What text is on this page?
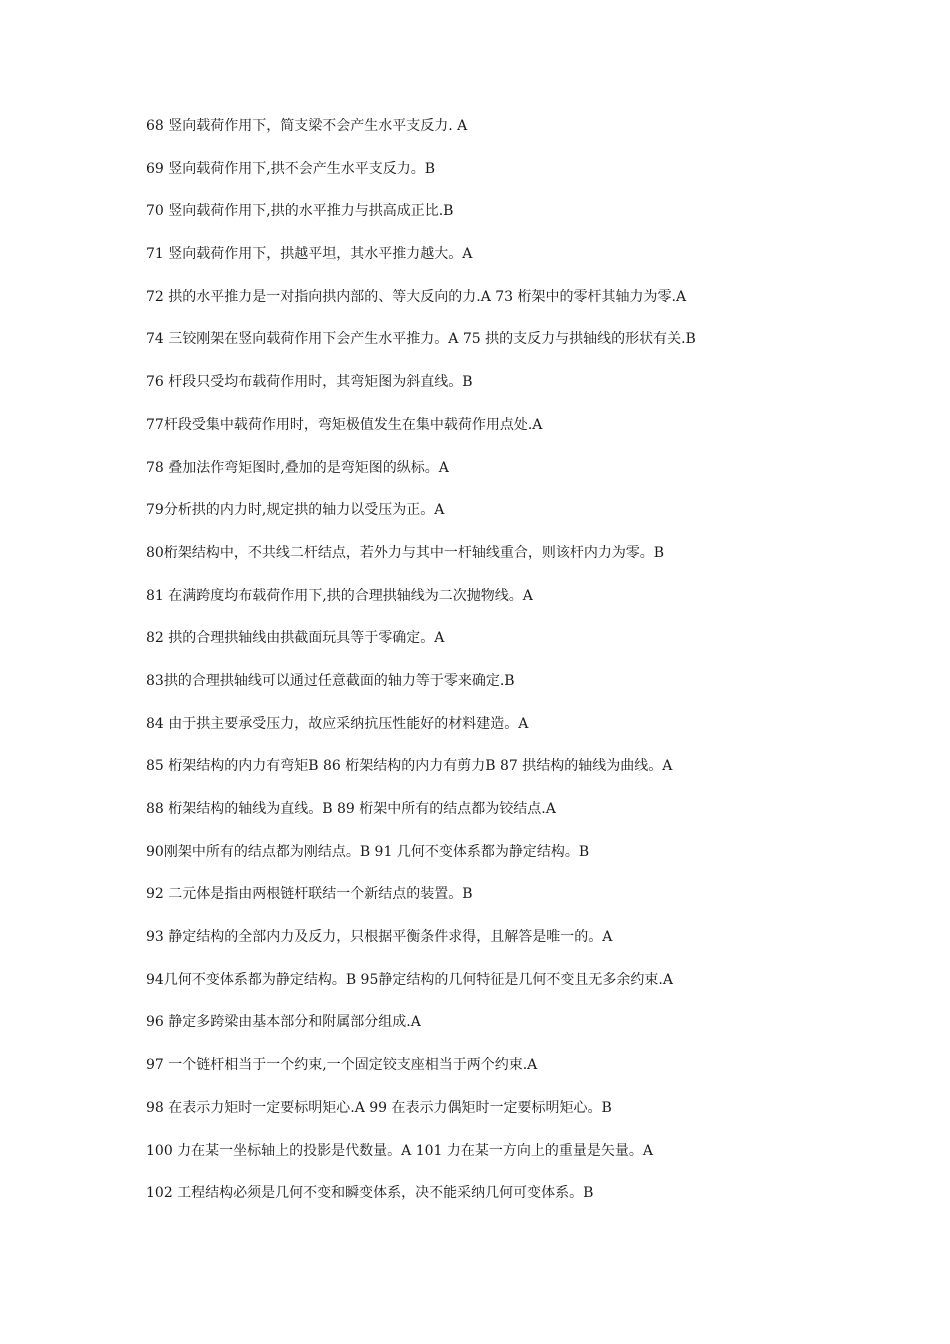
68 竖向载荷作用下，简支梁不会产生水平支反力. A
69 竖向载荷作用下,拱不会产生水平支反力。B
70 竖向载荷作用下,拱的水平推力与拱高成正比.B
71 竖向载荷作用下，拱越平坦，其水平推力越大。A
72 拱的水平推力是一对指向拱内部的、等大反向的力.A 73 桁架中的零杆其轴力为零.A
74 三铰刚架在竖向载荷作用下会产生水平推力。A 75 拱的支反力与拱轴线的形状有关.B
76 杆段只受均布载荷作用时，其弯矩图为斜直线。B
77杆段受集中载荷作用时，弯矩极值发生在集中载荷作用点处.A
78 叠加法作弯矩图时,叠加的是弯矩图的纵标。A
79分析拱的内力时,规定拱的轴力以受压为正。A
80桁架结构中，不共线二杆结点，若外力与其中一杆轴线重合，则该杆内力为零。B
81 在满跨度均布载荷作用下,拱的合理拱轴线为二次抛物线。A
82 拱的合理拱轴线由拱截面玩具等于零确定。A
83拱的合理拱轴线可以通过任意截面的轴力等于零来确定.B
84 由于拱主要承受压力，故应采纳抗压性能好的材料建造。A
85 桁架结构的内力有弯矩B 86 桁架结构的内力有剪力B 87 拱结构的轴线为曲线。A
88 桁架结构的轴线为直线。B 89 桁架中所有的结点都为铰结点.A
90刚架中所有的结点都为刚结点。B 91 几何不变体系都为静定结构。B
92 二元体是指由两根链杆联结一个新结点的装置。B
93 静定结构的全部内力及反力，只根据平衡条件求得，且解答是唯一的。A
94几何不变体系都为静定结构。B 95静定结构的几何特征是几何不变且无多余约束.A
96 静定多跨梁由基本部分和附属部分组成.A
97 一个链杆相当于一个约束,一个固定铰支座相当于两个约束.A
98 在表示力矩时一定要标明矩心.A 99 在表示力偶矩时一定要标明矩心。B
100 力在某一坐标轴上的投影是代数量。A 101 力在某一方向上的重量是矢量。A
102 工程结构必须是几何不变和瞬变体系，决不能采纳几何可变体系。B
